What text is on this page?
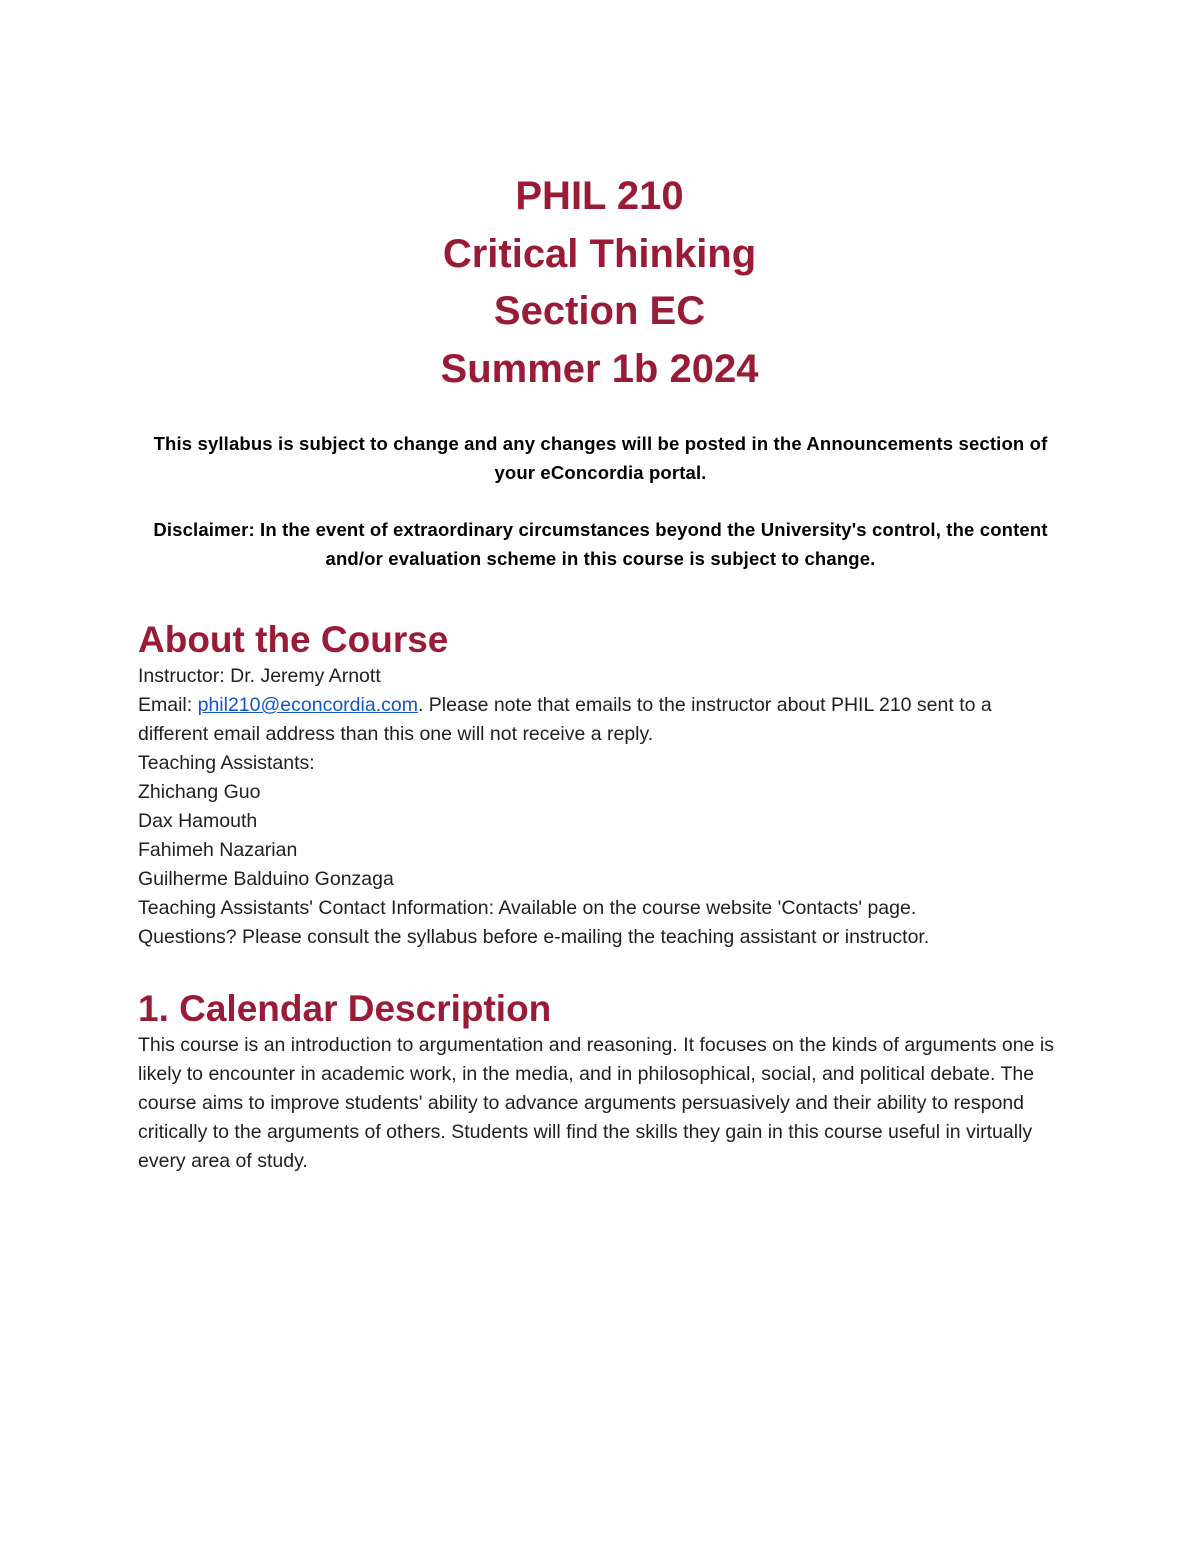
PHIL 210
Critical Thinking
Section EC
Summer 1b 2024
This syllabus is subject to change and any changes will be posted in the Announcements section of your eConcordia portal.
Disclaimer: In the event of extraordinary circumstances beyond the University's control, the content and/or evaluation scheme in this course is subject to change.
About the Course

Instructor: Dr. Jeremy Arnott

Email: phil210@econcordia.com. Please note that emails to the instructor about PHIL 210 sent to a different email address than this one will not receive a reply.

Teaching Assistants:

Zhichang Guo

Dax Hamouth

Fahimeh Nazarian

Guilherme Balduino Gonzaga

Teaching Assistants' Contact Information: Available on the course website 'Contacts' page.

Questions? Please consult the syllabus before e-mailing the teaching assistant or instructor.

1. Calendar Description

This course is an introduction to argumentation and reasoning. It focuses on the kinds of arguments one is likely to encounter in academic work, in the media, and in philosophical, social, and political debate. The course aims to improve students' ability to advance arguments persuasively and their ability to respond critically to the arguments of others. Students will find the skills they gain in this course useful in virtually every area of study.
